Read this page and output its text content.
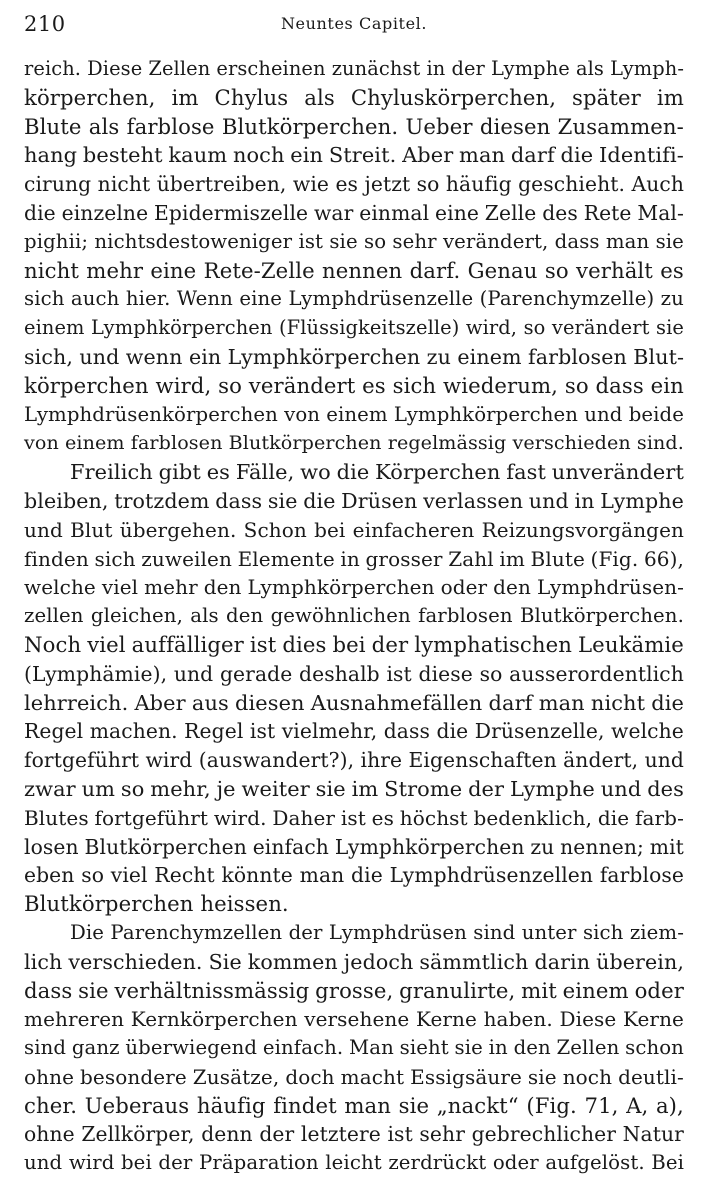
210	Neuntes Capitel.
reich. Diese Zellen erscheinen zunächst in der Lymphe als Lymph-
körperchen, im Chylus als Chyluskörperchen, später im
Blute als farblose Blutkörperchen. Ueber diesen Zusammen-
hang besteht kaum noch ein Streit. Aber man darf die Identifi-
cirung nicht übertreiben, wie es jetzt so häufig geschieht. Auch
die einzelne Epidermiszelle war einmal eine Zelle des Rete Mal-
pighii; nichtsdestoweniger ist sie so sehr verändert, dass man sie
nicht mehr eine Rete-Zelle nennen darf. Genau so verhält es
sich auch hier. Wenn eine Lymphdrüsenzelle (Parenchymzelle) zu
einem Lymphkörperchen (Flüssigkeitszelle) wird, so verändert sie
sich, und wenn ein Lymphkörperchen zu einem farblosen Blut-
körperchen wird, so verändert es sich wiederum, so dass ein
Lymphdrüsenkörperchen von einem Lymphkörperchen und beide
von einem farblosen Blutkörperchen regelmässig verschieden sind.
Freilich gibt es Fälle, wo die Körperchen fast unverändert
bleiben, trotzdem dass sie die Drüsen verlassen und in Lymphe
und Blut übergehen. Schon bei einfacheren Reizungsvorgängen
finden sich zuweilen Elemente in grosser Zahl im Blute (Fig. 66),
welche viel mehr den Lymphkörperchen oder den Lymphdrüsen-
zellen gleichen, als den gewöhnlichen farblosen Blutkörperchen.
Noch viel auffälliger ist dies bei der lymphatischen Leukämie
(Lymphämie), und gerade deshalb ist diese so ausserordentlich
lehrreich. Aber aus diesen Ausnahmefällen darf man nicht die
Regel machen. Regel ist vielmehr, dass die Drüsenzelle, welche
fortgeführt wird (auswandert?), ihre Eigenschaften ändert, und
zwar um so mehr, je weiter sie im Strome der Lymphe und des
Blutes fortgeführt wird. Daher ist es höchst bedenklich, die farb-
losen Blutkörperchen einfach Lymphkörperchen zu nennen; mit
eben so viel Recht könnte man die Lymphdrüsenzellen farblose
Blutkörperchen heissen.
Die Parenchymzellen der Lymphdrüsen sind unter sich ziem-
lich verschieden. Sie kommen jedoch sämmtlich darin überein,
dass sie verhältnissmässig grosse, granulirte, mit einem oder
mehreren Kernkörperchen versehene Kerne haben. Diese Kerne
sind ganz überwiegend einfach. Man sieht sie in den Zellen schon
ohne besondere Zusätze, doch macht Essigsäure sie noch deutli-
cher. Ueberaus häufig findet man sie „nackt“ (Fig. 71, A, a),
ohne Zellkörper, denn der letztere ist sehr gebrechlicher Natur
und wird bei der Präparation leicht zerdrückt oder aufgelöst. Bei
